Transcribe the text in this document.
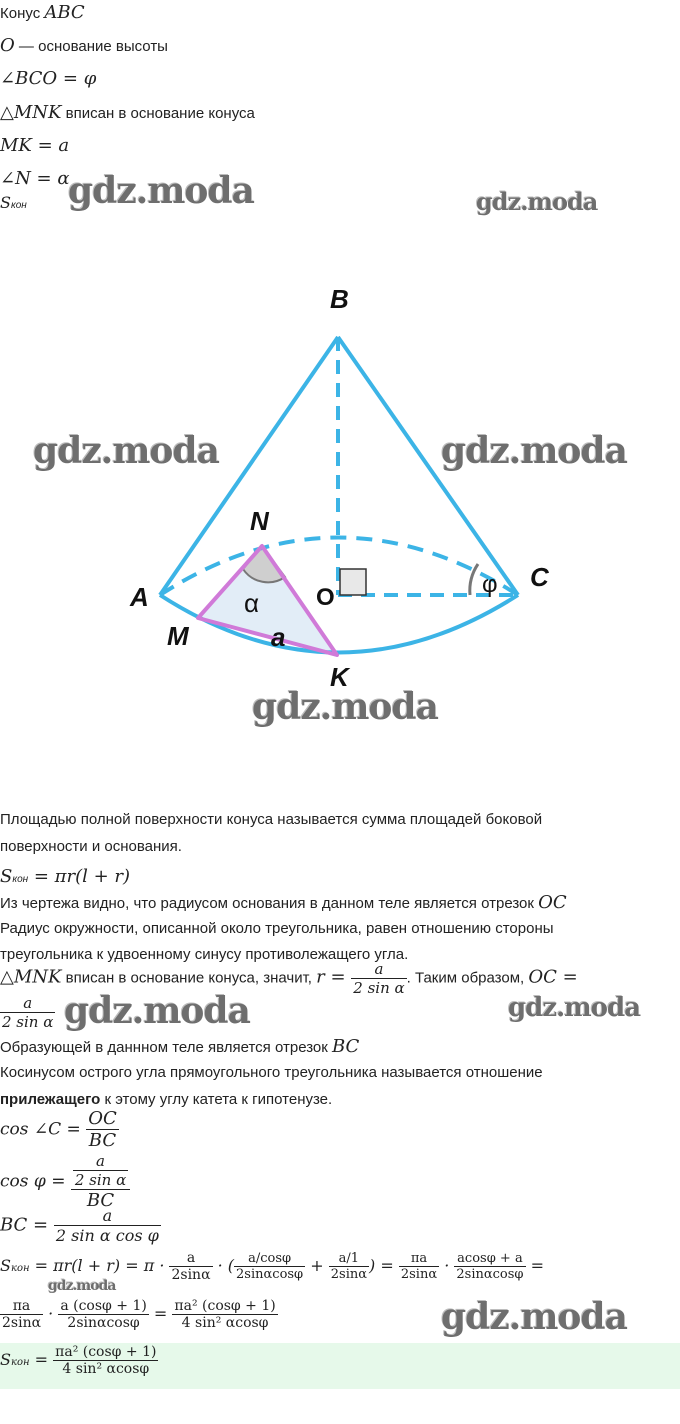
Конус ABC
O — основание высоты
∠BCO = φ
△MNK вписан в основание конуса
MK = a
∠N = α
Sкон gdz.moda	gdz.moda
B
N
A	O
C
M
K
α
a
φ
gdz.moda	gdz.moda
gdz.moda
Площадью полной поверхности конуса называется сумма площадей боковой
поверхности и основания.
Sкон = πr(l + r)
Из чертежа видно, что радиусом основания в данном теле является отрезок OC
Радиус окружности, описанной около треугольника, равен отношению стороны
треугольника к удвоенному синусу противолежащего угла.
△MNK вписан в основание конуса, значит, $r = \frac{a}{\text{2 sin α}}$ . Таким образом, OC =
$\frac{a}{\text{2 sin α}}$ gdz.moda	gdz.moda
Образующей в даннном теле является отрезок BC
Косинусом острого угла прямоугольного треугольника называется отношение
прилежащего к этому углу катета к гипотенузе.
cos ∠C = $\frac{OC}{BC}$
$\cos \varphi = \frac{\frac{a}{\text{2 sin α}}}{BC}$
BC = $\frac{a}{\text{2 sin α cos φ}}$
Sкон = $\pi r(l + r) = \pi \cdot \frac{a}{2\sin\alpha}$ · ( $\frac{a/\cos\varphi}{2\sin\alpha\cos\varphi} + \frac{a/1}{2\sin\alpha}$ ) = $\frac{\pi a}{2\sin\alpha} \cdot \frac{acos\varphi + a}{2\sin\alpha\cos\varphi}$ =
gdz.moda
$\frac{\pi a}{2\sin\alpha} \cdot \frac{a (\cos\varphi + 1)}{2\sin\alpha\cos\varphi} = \frac{\text{πa² (cosφ + 1)}}{\text{4 sin² αcosφ}}$	gdz.moda
Sкон = $\frac{\text{πa² (cosφ + 1)}}{\text{4 sin² αcosφ}}$
